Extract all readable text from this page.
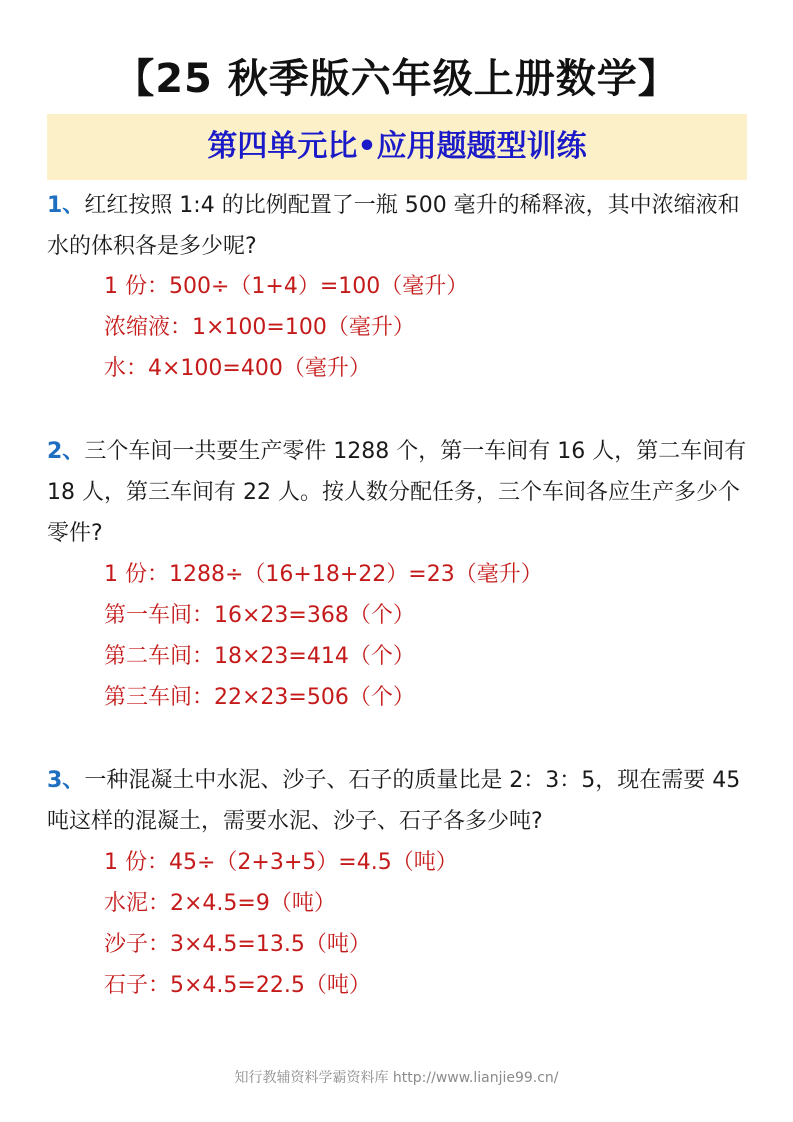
【25 秋季版六年级上册数学】
第四单元比•应用题题型训练
1、红红按照 1:4 的比例配置了一瓶 500 毫升的稀释液，其中浓缩液和水的体积各是多少呢?
1 份：500÷（1+4）=100（毫升）
浓缩液：1×100=100（毫升）
水：4×100=400（毫升）
2、三个车间一共要生产零件 1288 个，第一车间有 16 人，第二车间有 18 人，第三车间有 22 人。按人数分配任务，三个车间各应生产多少个零件?
1 份：1288÷（16+18+22）=23（毫升）
第一车间：16×23=368（个）
第二车间：18×23=414（个）
第三车间：22×23=506（个）
3、一种混凝土中水泥、沙子、石子的质量比是 2：3：5，现在需要 45 吨这样的混凝土，需要水泥、沙子、石子各多少吨?
1 份：45÷（2+3+5）=4.5（吨）
水泥：2×4.5=9（吨）
沙子：3×4.5=13.5（吨）
石子：5×4.5=22.5（吨）
知行教辅资料学霸资料库 http://www.lianjie99.cn/
